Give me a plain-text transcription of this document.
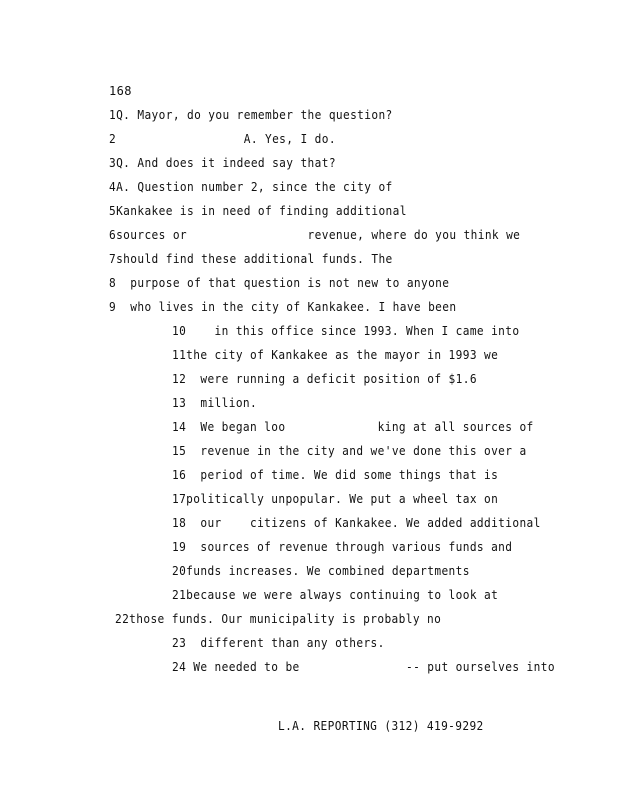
168
1Q. Mayor, do you remember the question?
2                  A. Yes, I do.
3Q. And does it indeed say that?
4A. Question number 2, since the city of
5Kankakee is in need of finding additional
6sources or                 revenue, where do you think we
7should find these additional funds. The
8  purpose of that question is not new to anyone
9  who lives in the city of Kankakee. I have been
10    in this office since 1993. When I came into
11the city of Kankakee as the mayor in 1993 we
12  were running a deficit position of $1.6
13  million.
14  We began loo             king at all sources of
15  revenue in the city and we've done this over a
16  period of time. We did some things that is
17politically unpopular. We put a wheel tax on
18  our    citizens of Kankakee. We added additional
19  sources of revenue through various funds and
20funds increases. We combined departments
21because we were always continuing to look at
22those funds. Our municipality is probably no
23  different than any others.
24 We needed to be               -- put ourselves into
L.A. REPORTING (312) 419-9292
